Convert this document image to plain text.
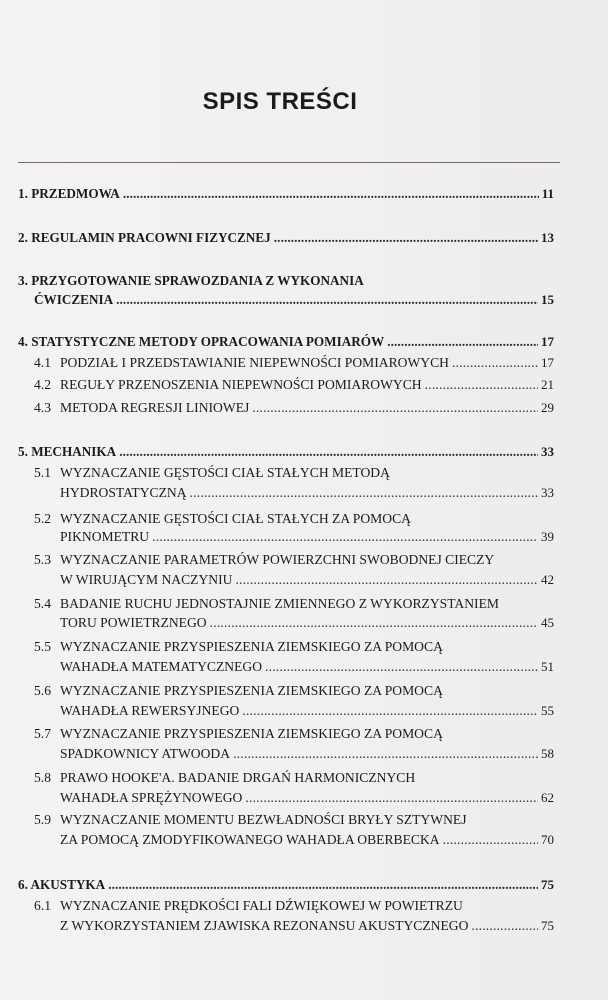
SPIS TREŚCI
1. PRZEDMOWA . . .	11
2. REGULAMIN PRACOWNI FIZYCZNEJ . . .	13
3. PRZYGOTOWANIE SPRAWOZDANIA Z WYKONANIA
ĆWICZENIA . . .	15
4. STATYSTYCZNE METODY OPRACOWANIA POMIARÓW . . .	17
4.1 PODZIAŁ I PRZEDSTAWIANIE NIEPEWNOŚCI POMIAROWYCH . . .	17
4.2 REGUŁY PRZENOSZENIA NIEPEWNOŚCI POMIAROWYCH . . .	21
4.3 METODA REGRESJI LINIOWEJ . . .	29
5. MECHANIKA . . .	33
5.1 WYZNACZANIE GĘSTOŚCI CIAŁ STAŁYCH METODĄ
HYDROSTATYCZNĄ . . .	33
5.2 WYZNACZANIE GĘSTOŚCI CIAŁ STAŁYCH ZA POMOCĄ
PIKNOMETRU . . .	39
5.3 WYZNACZANIE PARAMETRÓW POWIERZCHNI SWOBODNEJ CIECZY
W WIRUJĄCYM NACZYNIU . . .	42
5.4 BADANIE RUCHU JEDNOSTAJNIE ZMIENNEGO Z WYKORZYSTANIEM
TORU POWIETRZNEGO . . .	45
5.5 WYZNACZANIE PRZYSPIESZENIA ZIEMSKIEGO ZA POMOCĄ
WAHADŁA MATEMATYCZNEGO . . .	51
5.6 WYZNACZANIE PRZYSPIESZENIA ZIEMSKIEGO ZA POMOCĄ
WAHADŁA REWERSYJNEGO . . .	55
5.7 WYZNACZANIE PRZYSPIESZENIA ZIEMSKIEGO ZA POMOCĄ
SPADKOWNICY ATWOODA . . .	58
5.8 PRAWO HOOKE'A. BADANIE DRGAŃ HARMONICZNYCH
WAHADŁA SPRĘŻYNOWEGO . . .	62
5.9 WYZNACZANIE MOMENTU BEZWŁADNOŚCI BRYŁY SZTYWNEJ
ZA POMOCĄ ZMODYFIKOWANEGO WAHADŁA OBERBECKA . . .	70
6. AKUSTYKA . . .	75
6.1 WYZNACZANIE PRĘDKOŚCI FALI DŹWIĘKOWEJ W POWIETRZU
Z WYKORZYSTANIEM ZJAWISKA REZONANSU AKUSTYCZNEGO . . .	75
